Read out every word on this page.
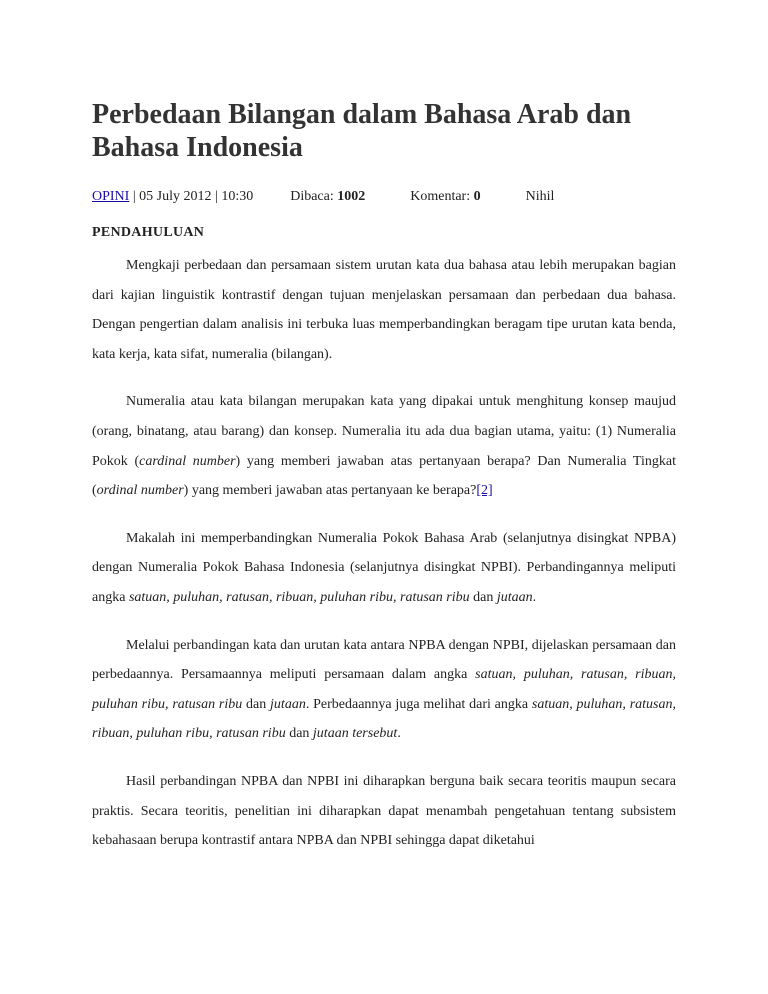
Perbedaan Bilangan dalam Bahasa Arab dan Bahasa Indonesia
OPINI | 05 July 2012 | 10:30	Dibaca: 1002	Komentar: 0	Nihil
PENDAHULUAN

Mengkaji perbedaan dan persamaan sistem urutan kata dua bahasa atau lebih merupakan bagian dari kajian linguistik kontrastif dengan tujuan menjelaskan persamaan dan perbedaan dua bahasa. Dengan pengertian dalam analisis ini terbuka luas memperbandingkan beragam tipe urutan kata benda, kata kerja, kata sifat, numeralia (bilangan).

Numeralia atau kata bilangan merupakan kata yang dipakai untuk menghitung konsep maujud (orang, binatang, atau barang) dan konsep. Numeralia itu ada dua bagian utama, yaitu: (1) Numeralia Pokok (cardinal number) yang memberi jawaban atas pertanyaan berapa? Dan Numeralia Tingkat (ordinal number) yang memberi jawaban atas pertanyaan ke berapa?[2]

Makalah ini memperbandingkan Numeralia Pokok Bahasa Arab (selanjutnya disingkat NPBA) dengan Numeralia Pokok Bahasa Indonesia (selanjutnya disingkat NPBI). Perbandingannya meliputi angka satuan, puluhan, ratusan, ribuan, puluhan ribu, ratusan ribu dan jutaan.

Melalui perbandingan kata dan urutan kata antara NPBA dengan NPBI, dijelaskan persamaan dan perbedaannya. Persamaannya meliputi persamaan dalam angka satuan, puluhan, ratusan, ribuan, puluhan ribu, ratusan ribu dan jutaan. Perbedaannya juga melihat dari angka satuan, puluhan, ratusan, ribuan, puluhan ribu, ratusan ribu dan jutaan tersebut.

Hasil perbandingan NPBA dan NPBI ini diharapkan berguna baik secara teoritis maupun secara praktis. Secara teoritis, penelitian ini diharapkan dapat menambah pengetahuan tentang subsistem kebahasaan berupa kontrastif antara NPBA dan NPBI sehingga dapat diketahui
